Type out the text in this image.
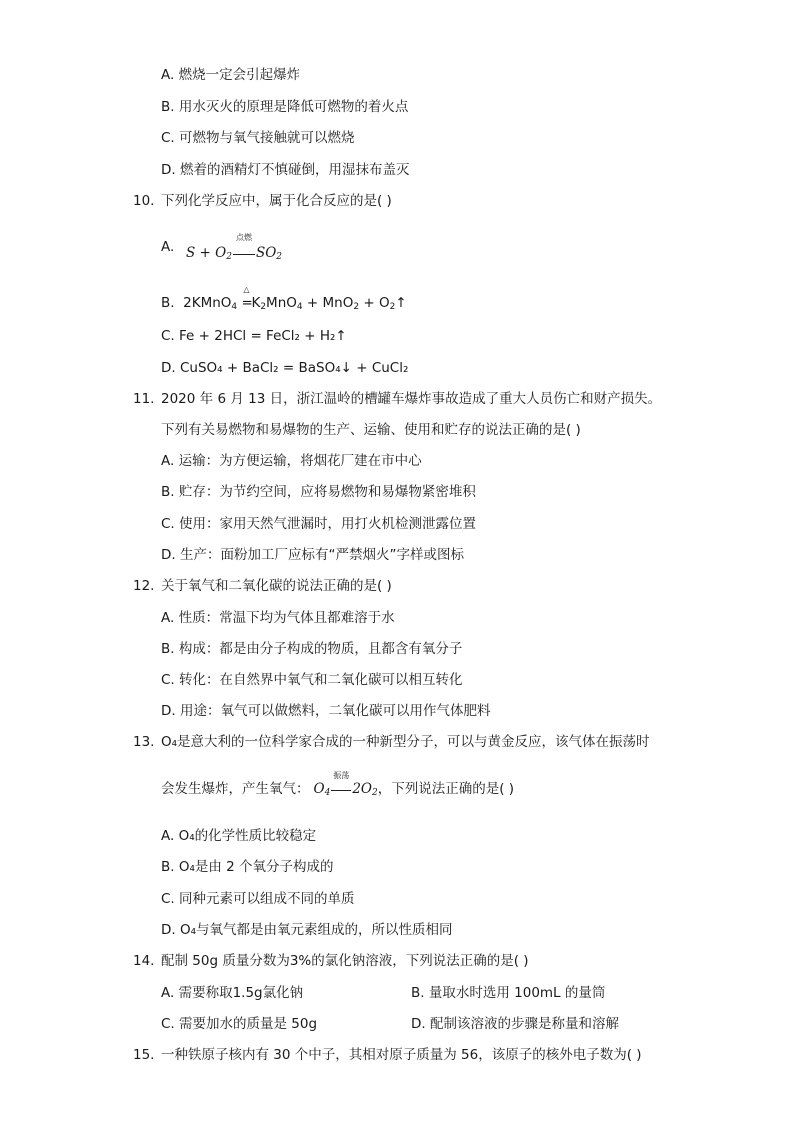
A. 燃烧一定会引起爆炸
B. 用水灭火的原理是降低可燃物的着火点
C. 可燃物与氧气接触就可以燃烧
D. 燃着的酒精灯不慎碰倒，用湿抹布盖灭
10. 下列化学反应中，属于化合反应的是( )
A. $S + O_2$
点燃
$SO_2$
B.  2KMnO$_4$
△
$=K_2MnO_4 + MnO_2$ + $O_2↑$
C. Fe + 2HCl = FeCl₂ + H₂↑
D. CuSO₄ + BaCl₂ = BaSO₄↓ + CuCl₂
11. 2020 年 6 月 13 日，浙江温岭的槽罐车爆炸事故造成了重大人员伤亡和财产损失。
下列有关易燃物和易爆物的生产、运输、使用和贮存的说法正确的是( )
A. 运输：为方便运输，将烟花厂建在市中心
B. 贮存：为节约空间，应将易燃物和易爆物紧密堆积
C. 使用：家用天然气泄漏时，用打火机检测泄露位置
D. 生产：面粉加工厂应标有“严禁烟火”字样或图标
12. 关于氧气和二氧化碳的说法正确的是( )
A. 性质：常温下均为气体且都难溶于水
B. 构成：都是由分子构成的物质，且都含有氧分子
C. 转化：在自然界中氧气和二氧化碳可以相互转化
D. 用途：氧气可以做燃料，二氧化碳可以用作气体肥料
13. O₄是意大利的一位科学家合成的一种新型分子，可以与黄金反应，该气体在振荡时
会发生爆炸，产生氧气： $O_4$
振荡
$2O_2$，下列说法正确的是( )
A. O₄的化学性质比较稳定
B. O₄是由 2 个氧分子构成的
C. 同种元素可以组成不同的单质
D. O₄与氧气都是由氧元素组成的，所以性质相同
14. 配制 50g 质量分数为3%的氯化钠溶液，下列说法正确的是( )
A. 需要称取1.5g氯化钠	B. 量取水时选用 100mL 的量筒
C. 需要加水的质量是 50g	D. 配制该溶液的步骤是称量和溶解
15. 一种铁原子核内有 30 个中子，其相对原子质量为 56，该原子的核外电子数为( )
